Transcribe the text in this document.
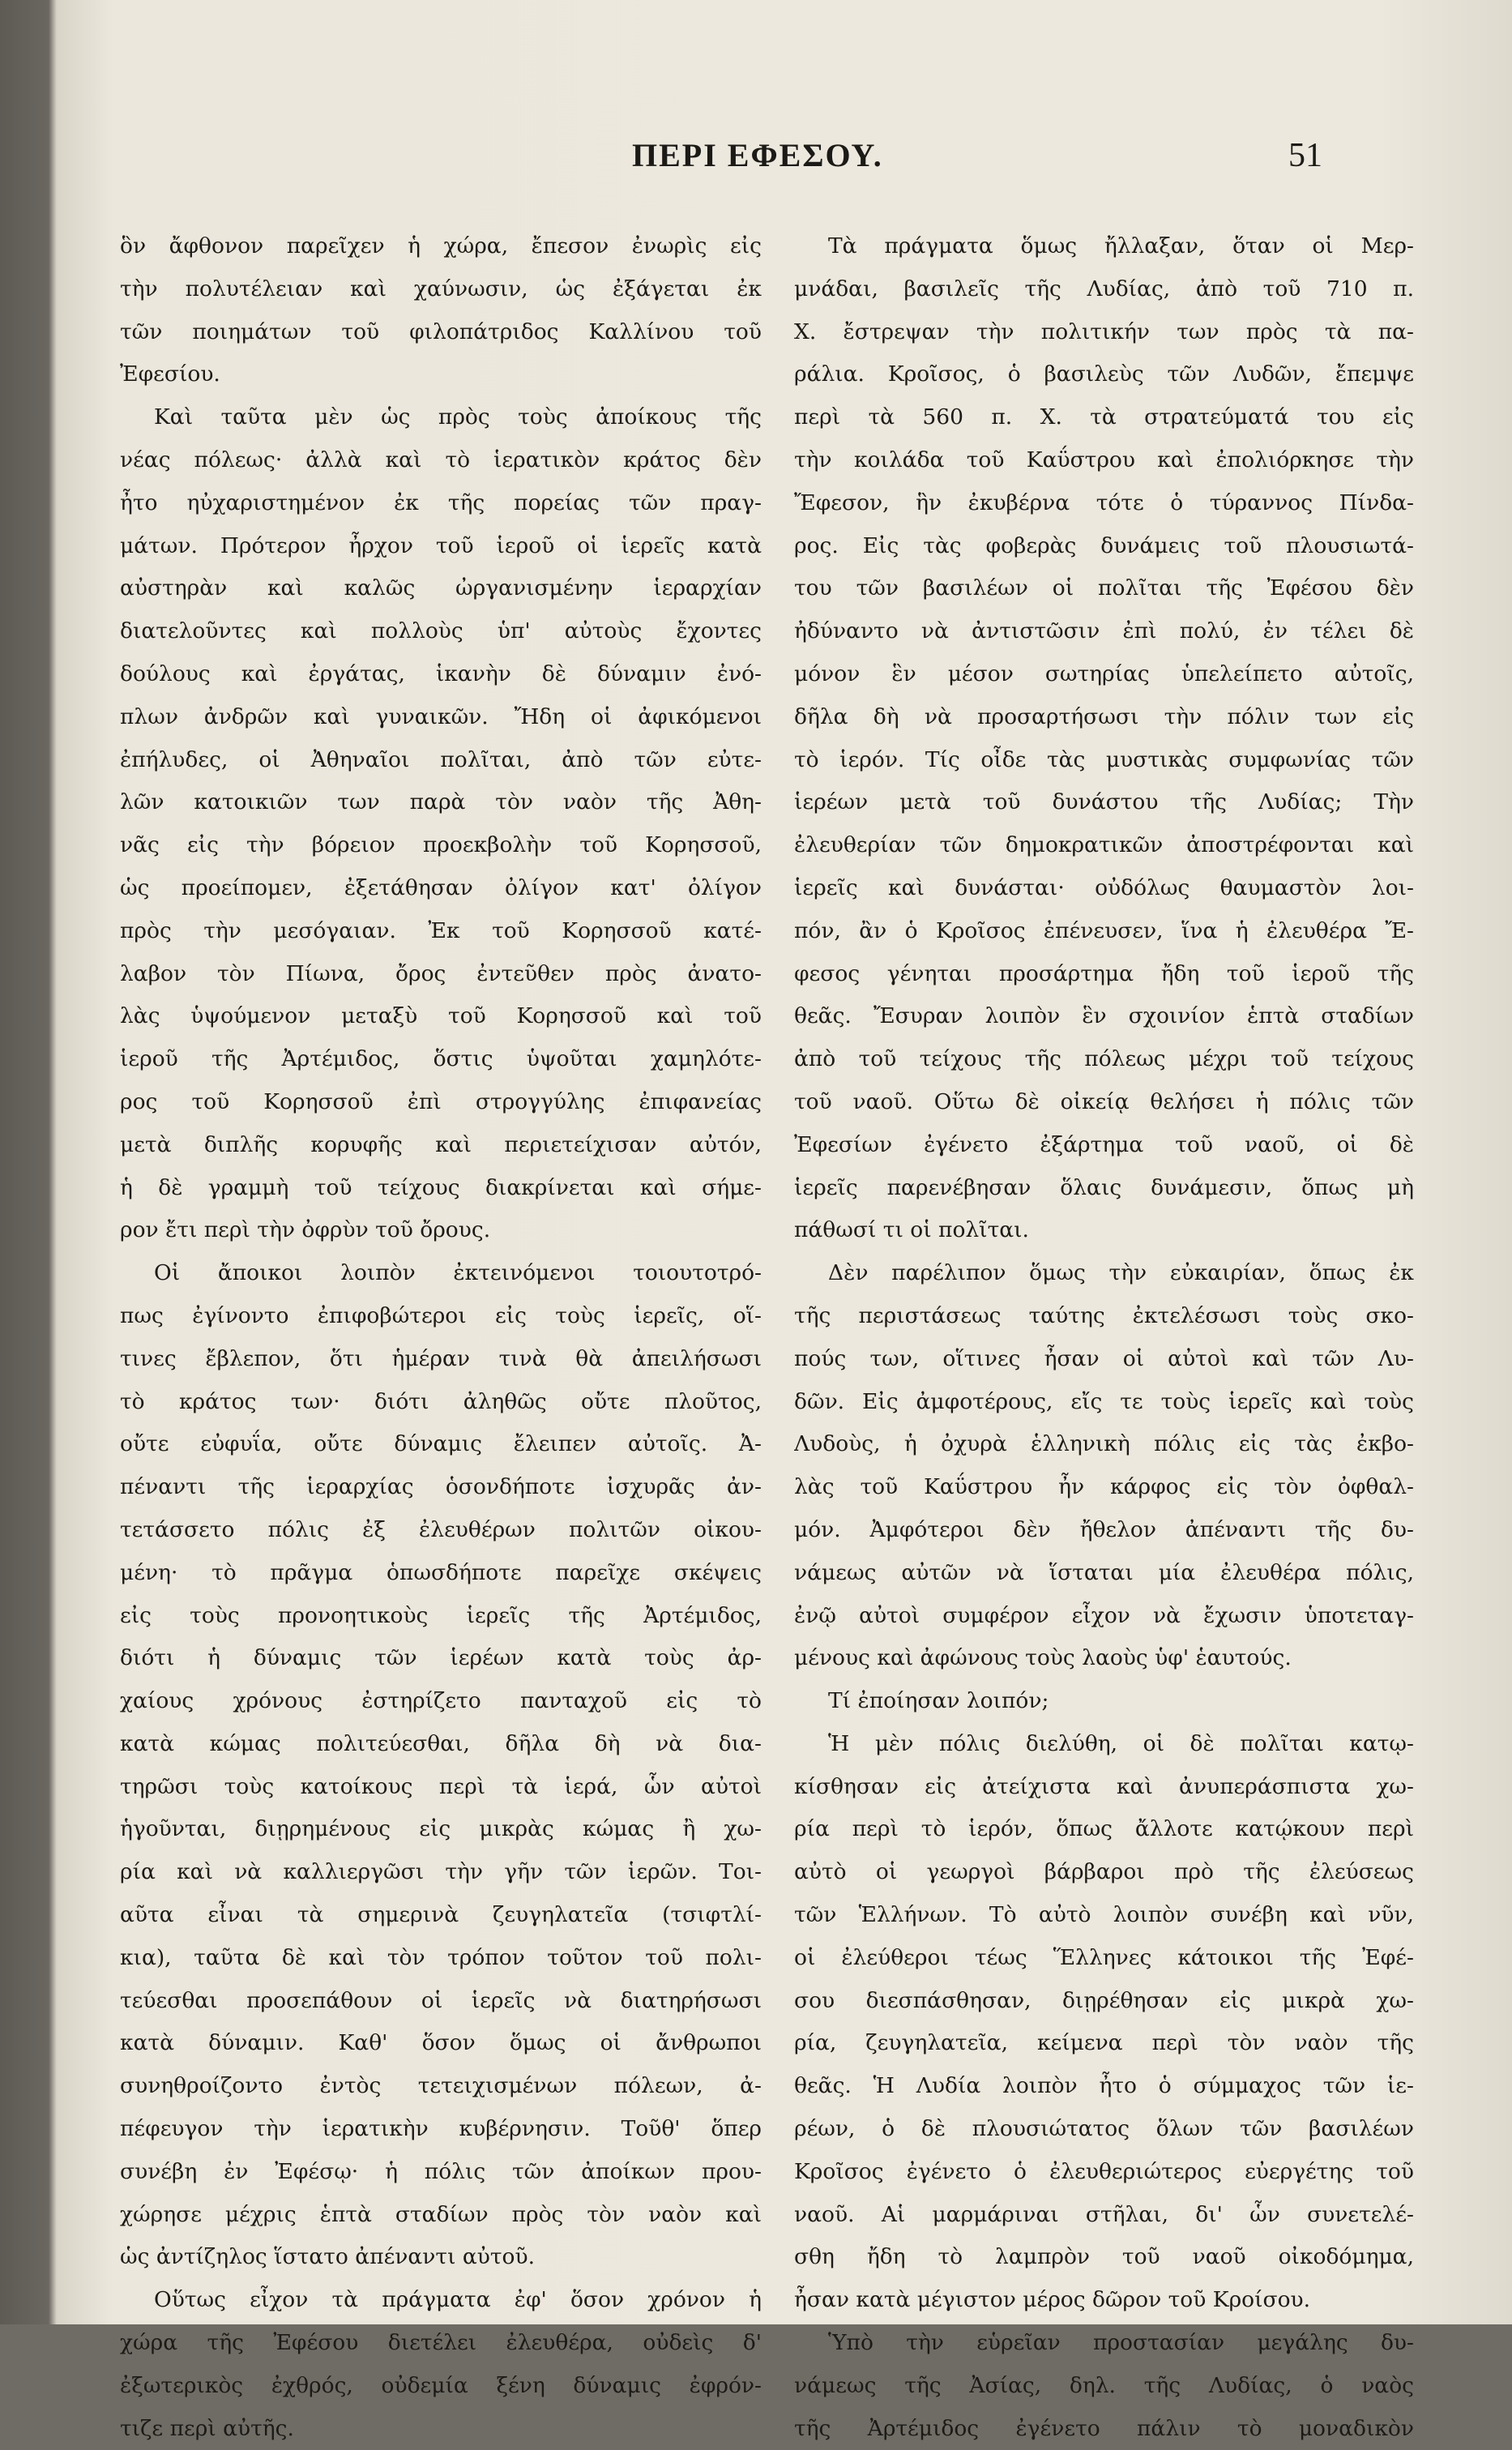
ΠΕΡΙ ΕΦΕΣΟΥ.	51
ὃν ἄφθονον παρεῖχεν ἡ χώρα, ἔπεσον ἐνωρὶς εἰς
τὴν πολυτέλειαν καὶ χαύνωσιν, ὡς ἐξάγεται ἐκ
τῶν ποιημάτων τοῦ φιλοπάτριδος Καλλίνου τοῦ
Ἐφεσίου.
Καὶ ταῦτα μὲν ὡς πρὸς τοὺς ἀποίκους τῆς
νέας πόλεως· ἀλλὰ καὶ τὸ ἱερατικὸν κράτος δὲν
ἦτο ηὐχαριστημένον ἐκ τῆς πορείας τῶν πραγ-
μάτων. Πρότερον ἦρχον τοῦ ἱεροῦ οἱ ἱερεῖς κατὰ
αὐστηρὰν καὶ καλῶς ὠργανισμένην ἱεραρχίαν
διατελοῦντες καὶ πολλοὺς ὑπ' αὐτοὺς ἔχοντες
δούλους καὶ ἐργάτας, ἱκανὴν δὲ δύναμιν ἐνό-
πλων ἀνδρῶν καὶ γυναικῶν. Ἤδη οἱ ἀφικόμενοι
ἐπήλυδες, οἱ Ἀθηναῖοι πολῖται, ἀπὸ τῶν εὐτε-
λῶν κατοικιῶν των παρὰ τὸν ναὸν τῆς Ἀθη-
νᾶς εἰς τὴν βόρειον προεκβολὴν τοῦ Κορησσοῦ,
ὡς προείπομεν, ἐξετάθησαν ὀλίγον κατ' ὀλίγον
πρὸς τὴν μεσόγαιαν. Ἐκ τοῦ Κορησσοῦ κατέ-
λαβον τὸν Πίωνα, ὄρος ἐντεῦθεν πρὸς ἀνατο-
λὰς ὑψούμενον μεταξὺ τοῦ Κορησσοῦ καὶ τοῦ
ἱεροῦ τῆς Ἀρτέμιδος, ὅστις ὑψοῦται χαμηλότε-
ρος τοῦ Κορησσοῦ ἐπὶ στρογγύλης ἐπιφανείας
μετὰ διπλῆς κορυφῆς καὶ περιετείχισαν αὐτόν,
ἡ δὲ γραμμὴ τοῦ τείχους διακρίνεται καὶ σήμε-
ρον ἔτι περὶ τὴν ὀφρὺν τοῦ ὄρους.
Οἱ ἄποικοι λοιπὸν ἐκτεινόμενοι τοιουτοτρό-
πως ἐγίνοντο ἐπιφοβώτεροι εἰς τοὺς ἱερεῖς, οἵ-
τινες ἔβλεπον, ὅτι ἡμέραν τινὰ θὰ ἀπειλήσωσι
τὸ κράτος των· διότι ἀληθῶς οὔτε πλοῦτος,
οὔτε εὐφυΐα, οὔτε δύναμις ἔλειπεν αὐτοῖς. Ἀ-
πέναντι τῆς ἱεραρχίας ὁσονδήποτε ἰσχυρᾶς ἀν-
τετάσσετο πόλις ἐξ ἐλευθέρων πολιτῶν οἰκου-
μένη· τὸ πρᾶγμα ὁπωσδήποτε παρεῖχε σκέψεις
εἰς τοὺς προνοητικοὺς ἱερεῖς τῆς Ἀρτέμιδος,
διότι ἡ δύναμις τῶν ἱερέων κατὰ τοὺς ἀρ-
χαίους χρόνους ἐστηρίζετο πανταχοῦ εἰς τὸ
κατὰ κώμας πολιτεύεσθαι, δῆλα δὴ νὰ δια-
τηρῶσι τοὺς κατοίκους περὶ τὰ ἱερά, ὧν αὐτοὶ
ἡγοῦνται, διῃρημένους εἰς μικρὰς κώμας ἢ χω-
ρία καὶ νὰ καλλιεργῶσι τὴν γῆν τῶν ἱερῶν. Τοι-
αῦτα εἶναι τὰ σημερινὰ ζευγηλατεῖα (τσιφτλί-
κια), ταῦτα δὲ καὶ τὸν τρόπον τοῦτον τοῦ πολι-
τεύεσθαι προσεπάθουν οἱ ἱερεῖς νὰ διατηρήσωσι
κατὰ δύναμιν. Καθ' ὅσον ὅμως οἱ ἄνθρωποι
συνηθροίζοντο ἐντὸς τετειχισμένων πόλεων, ἀ-
πέφευγον τὴν ἱερατικὴν κυβέρνησιν. Τοῦθ' ὅπερ
συνέβη ἐν Ἐφέσῳ· ἡ πόλις τῶν ἀποίκων πρου-
χώρησε μέχρις ἑπτὰ σταδίων πρὸς τὸν ναὸν καὶ
ὡς ἀντίζηλος ἵστατο ἀπέναντι αὐτοῦ.
Οὕτως εἶχον τὰ πράγματα ἐφ' ὅσον χρόνον ἡ
χώρα τῆς Ἐφέσου διετέλει ἐλευθέρα, οὐδεὶς δ'
ἐξωτερικὸς ἐχθρός, οὐδεμία ξένη δύναμις ἐφρόν-
τιζε περὶ αὐτῆς.
Τὰ πράγματα ὅμως ἤλλαξαν, ὅταν οἱ Μερ-
μνάδαι, βασιλεῖς τῆς Λυδίας, ἀπὸ τοῦ 710 π.
Χ. ἔστρεψαν τὴν πολιτικήν των πρὸς τὰ πα-
ράλια. Κροῖσος, ὁ βασιλεὺς τῶν Λυδῶν, ἔπεμψε
περὶ τὰ 560 π. Χ. τὰ στρατεύματά του εἰς
τὴν κοιλάδα τοῦ Καΰστρου καὶ ἐπολιόρκησε τὴν
Ἔφεσον, ἣν ἐκυβέρνα τότε ὁ τύραννος Πίνδα-
ρος. Εἰς τὰς φοβερὰς δυνάμεις τοῦ πλουσιωτά-
του τῶν βασιλέων οἱ πολῖται τῆς Ἐφέσου δὲν
ἠδύναντο νὰ ἀντιστῶσιν ἐπὶ πολύ, ἐν τέλει δὲ
μόνον ἓν μέσον σωτηρίας ὑπελείπετο αὐτοῖς,
δῆλα δὴ νὰ προσαρτήσωσι τὴν πόλιν των εἰς
τὸ ἱερόν. Τίς οἶδε τὰς μυστικὰς συμφωνίας τῶν
ἱερέων μετὰ τοῦ δυνάστου τῆς Λυδίας; Τὴν
ἐλευθερίαν τῶν δημοκρατικῶν ἀποστρέφονται καὶ
ἱερεῖς καὶ δυνάσται· οὐδόλως θαυμαστὸν λοι-
πόν, ἂν ὁ Κροῖσος ἐπένευσεν, ἵνα ἡ ἐλευθέρα Ἔ-
φεσος γένηται προσάρτημα ἤδη τοῦ ἱεροῦ τῆς
θεᾶς. Ἔσυραν λοιπὸν ἓν σχοινίον ἑπτὰ σταδίων
ἀπὸ τοῦ τείχους τῆς πόλεως μέχρι τοῦ τείχους
τοῦ ναοῦ. Οὕτω δὲ οἰκείᾳ θελήσει ἡ πόλις τῶν
Ἐφεσίων ἐγένετο ἐξάρτημα τοῦ ναοῦ, οἱ δὲ
ἱερεῖς παρενέβησαν ὅλαις δυνάμεσιν, ὅπως μὴ
πάθωσί τι οἱ πολῖται.
Δὲν παρέλιπον ὅμως τὴν εὐκαιρίαν, ὅπως ἐκ
τῆς περιστάσεως ταύτης ἐκτελέσωσι τοὺς σκο-
πούς των, οἵτινες ἦσαν οἱ αὐτοὶ καὶ τῶν Λυ-
δῶν. Εἰς ἀμφοτέρους, εἴς τε τοὺς ἱερεῖς καὶ τοὺς
Λυδοὺς, ἡ ὀχυρὰ ἑλληνικὴ πόλις εἰς τὰς ἐκβο-
λὰς τοῦ Καΰστρου ἦν κάρφος εἰς τὸν ὀφθαλ-
μόν. Ἀμφότεροι δὲν ἤθελον ἀπέναντι τῆς δυ-
νάμεως αὐτῶν νὰ ἵσταται μία ἐλευθέρα πόλις,
ἐνῷ αὐτοὶ συμφέρον εἶχον νὰ ἔχωσιν ὑποτεταγ-
μένους καὶ ἀφώνους τοὺς λαοὺς ὑφ' ἑαυτούς.
Τί ἐποίησαν λοιπόν;
Ἡ μὲν πόλις διελύθη, οἱ δὲ πολῖται κατῳ-
κίσθησαν εἰς ἀτείχιστα καὶ ἀνυπεράσπιστα χω-
ρία περὶ τὸ ἱερόν, ὅπως ἄλλοτε κατῴκουν περὶ
αὐτὸ οἱ γεωργοὶ βάρβαροι πρὸ τῆς ἐλεύσεως
τῶν Ἑλλήνων. Τὸ αὐτὸ λοιπὸν συνέβη καὶ νῦν,
οἱ ἐλεύθεροι τέως Ἕλληνες κάτοικοι τῆς Ἐφέ-
σου διεσπάσθησαν, διῃρέθησαν εἰς μικρὰ χω-
ρία, ζευγηλατεῖα, κείμενα περὶ τὸν ναὸν τῆς
θεᾶς. Ἡ Λυδία λοιπὸν ἦτο ὁ σύμμαχος τῶν ἱε-
ρέων, ὁ δὲ πλουσιώτατος ὅλων τῶν βασιλέων
Κροῖσος ἐγένετο ὁ ἐλευθεριώτερος εὐεργέτης τοῦ
ναοῦ. Αἱ μαρμάριναι στῆλαι, δι' ὧν συνετελέ-
σθη ἤδη τὸ λαμπρὸν τοῦ ναοῦ οἰκοδόμημα,
ἦσαν κατὰ μέγιστον μέρος δῶρον τοῦ Κροίσου.
Ὑπὸ τὴν εὑρεῖαν προστασίαν μεγάλης δυ-
νάμεως τῆς Ἀσίας, δηλ. τῆς Λυδίας, ὁ ναὸς
τῆς Ἀρτέμιδος ἐγένετο πάλιν τὸ μοναδικὸν
